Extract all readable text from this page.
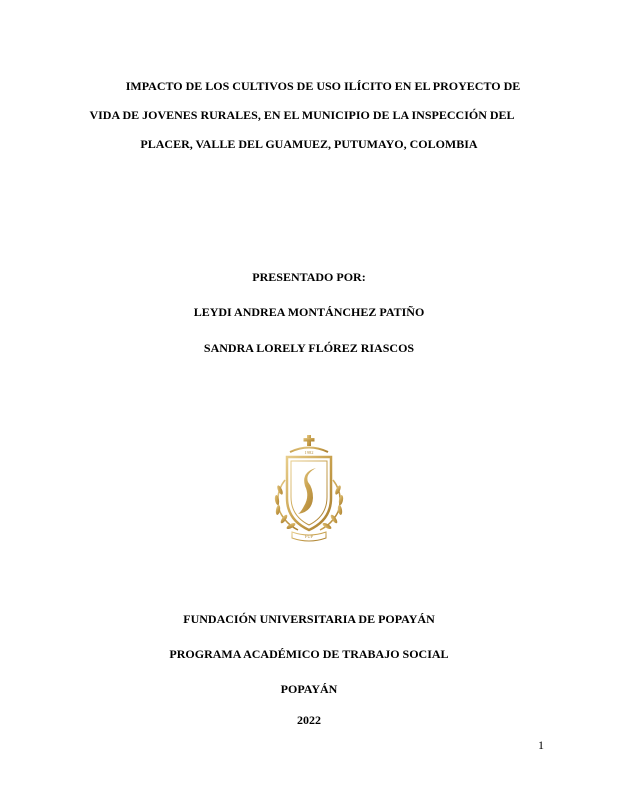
IMPACTO DE LOS CULTIVOS DE USO ILÍCITO EN EL PROYECTO DE
VIDA DE JOVENES RURALES, EN EL MUNICIPIO DE LA INSPECCIÓN DEL
PLACER, VALLE DEL GUAMUEZ, PUTUMAYO, COLOMBIA
PRESENTADO POR:
LEYDI ANDREA MONTÁNCHEZ PATIÑO
SANDRA LORELY FLÓREZ RIASCOS
1982
FUP
FUNDACIÓN UNIVERSITARIA DE POPAYÁN
PROGRAMA ACADÉMICO DE TRABAJO SOCIAL
POPAYÁN
2022
1
